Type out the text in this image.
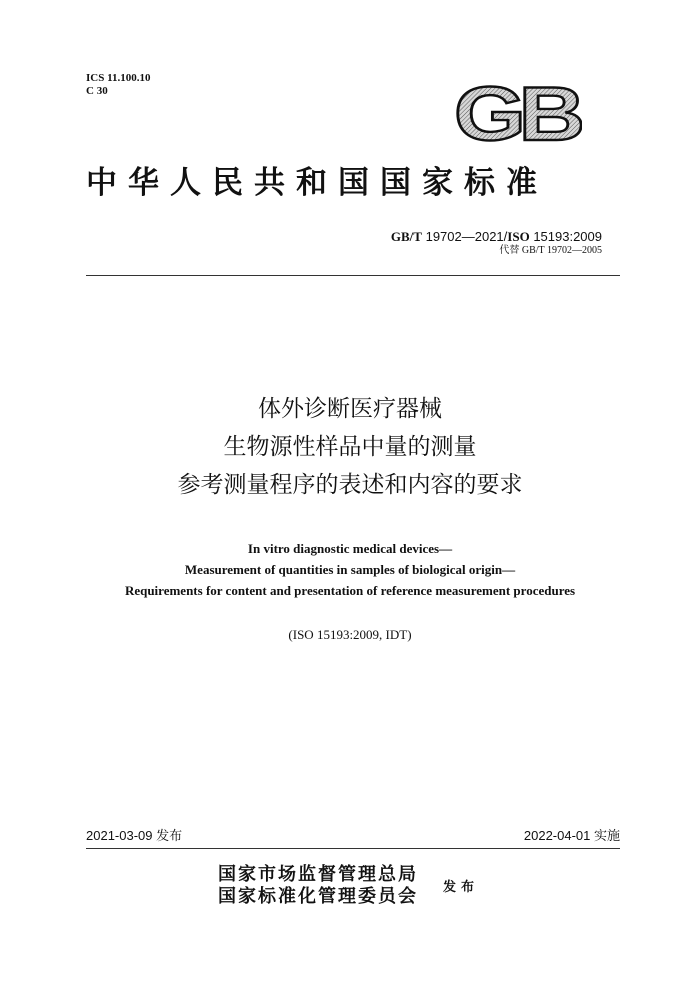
ICS 11.100.10
C 30	GB
中华人民共和国国家标准
GB/T 19702—2021/ISO 15193:2009
代替 GB/T 19702—2005
体外诊断医疗器械
生物源性样品中量的测量
参考测量程序的表述和内容的要求
In vitro diagnostic medical devices—
Measurement of quantities in samples of biological origin—
Requirements for content and presentation of reference measurement procedures
(ISO 15193:2009, IDT)
2021-03-09 发布	2022-04-01 实施
国家市场监督管理总局
国家标准化管理委员会 发布
